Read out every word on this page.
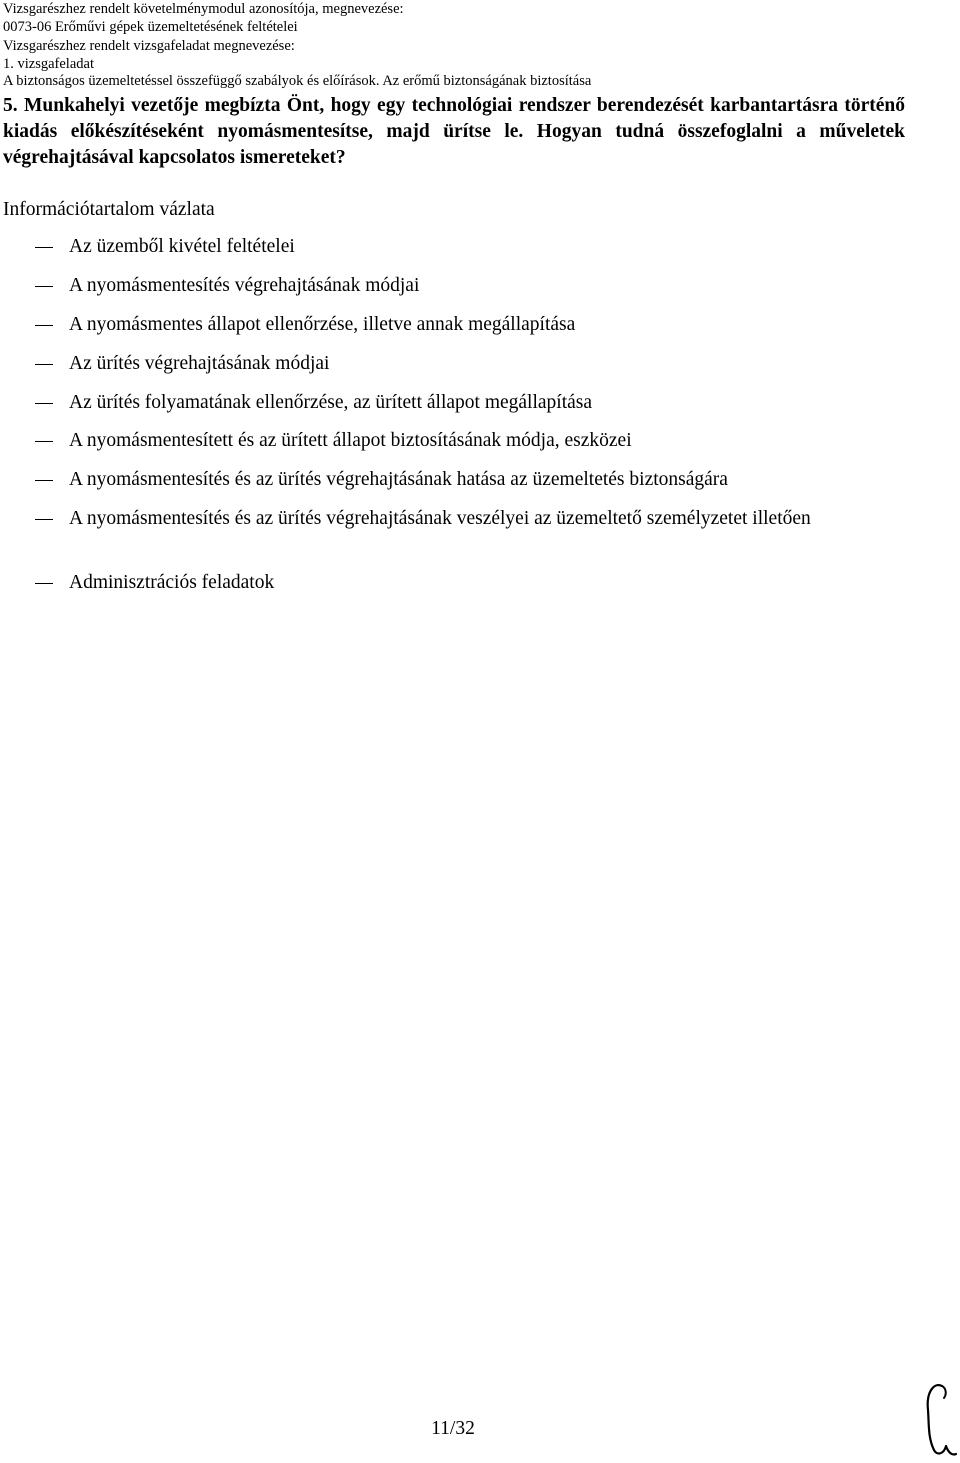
Vizsgarészhez rendelt követelménymodul azonosítója, megnevezése:
0073-06 Erőművi gépek üzemeltetésének feltételei
Vizsgarészhez rendelt vizsgafeladat megnevezése:
1. vizsgafeladat
A biztonságos üzemeltetéssel összefüggő szabályok és előírások. Az erőmű biztonságának biztosítása
5. Munkahelyi vezetője megbízta Önt, hogy egy technológiai rendszer berendezését karbantartásra történő kiadás előkészítéseként nyomásmentesítse, majd ürítse le. Hogyan tudná összefoglalni a műveletek végrehajtásával kapcsolatos ismereteket?
Információtartalom vázlata
Az üzemből kivétel feltételei
A nyomásmentesítés végrehajtásának módjai
A nyomásmentes állapot ellenőrzése, illetve annak megállapítása
Az ürítés végrehajtásának módjai
Az ürítés folyamatának ellenőrzése, az ürített állapot megállapítása
A nyomásmentesített és az ürített állapot biztosításának módja, eszközei
A nyomásmentesítés és az ürítés végrehajtásának hatása az üzemeltetés biztonságára
A nyomásmentesítés és az ürítés végrehajtásának veszélyei az üzemeltető személyzetet illetően
Adminisztrációs feladatok
11/32
